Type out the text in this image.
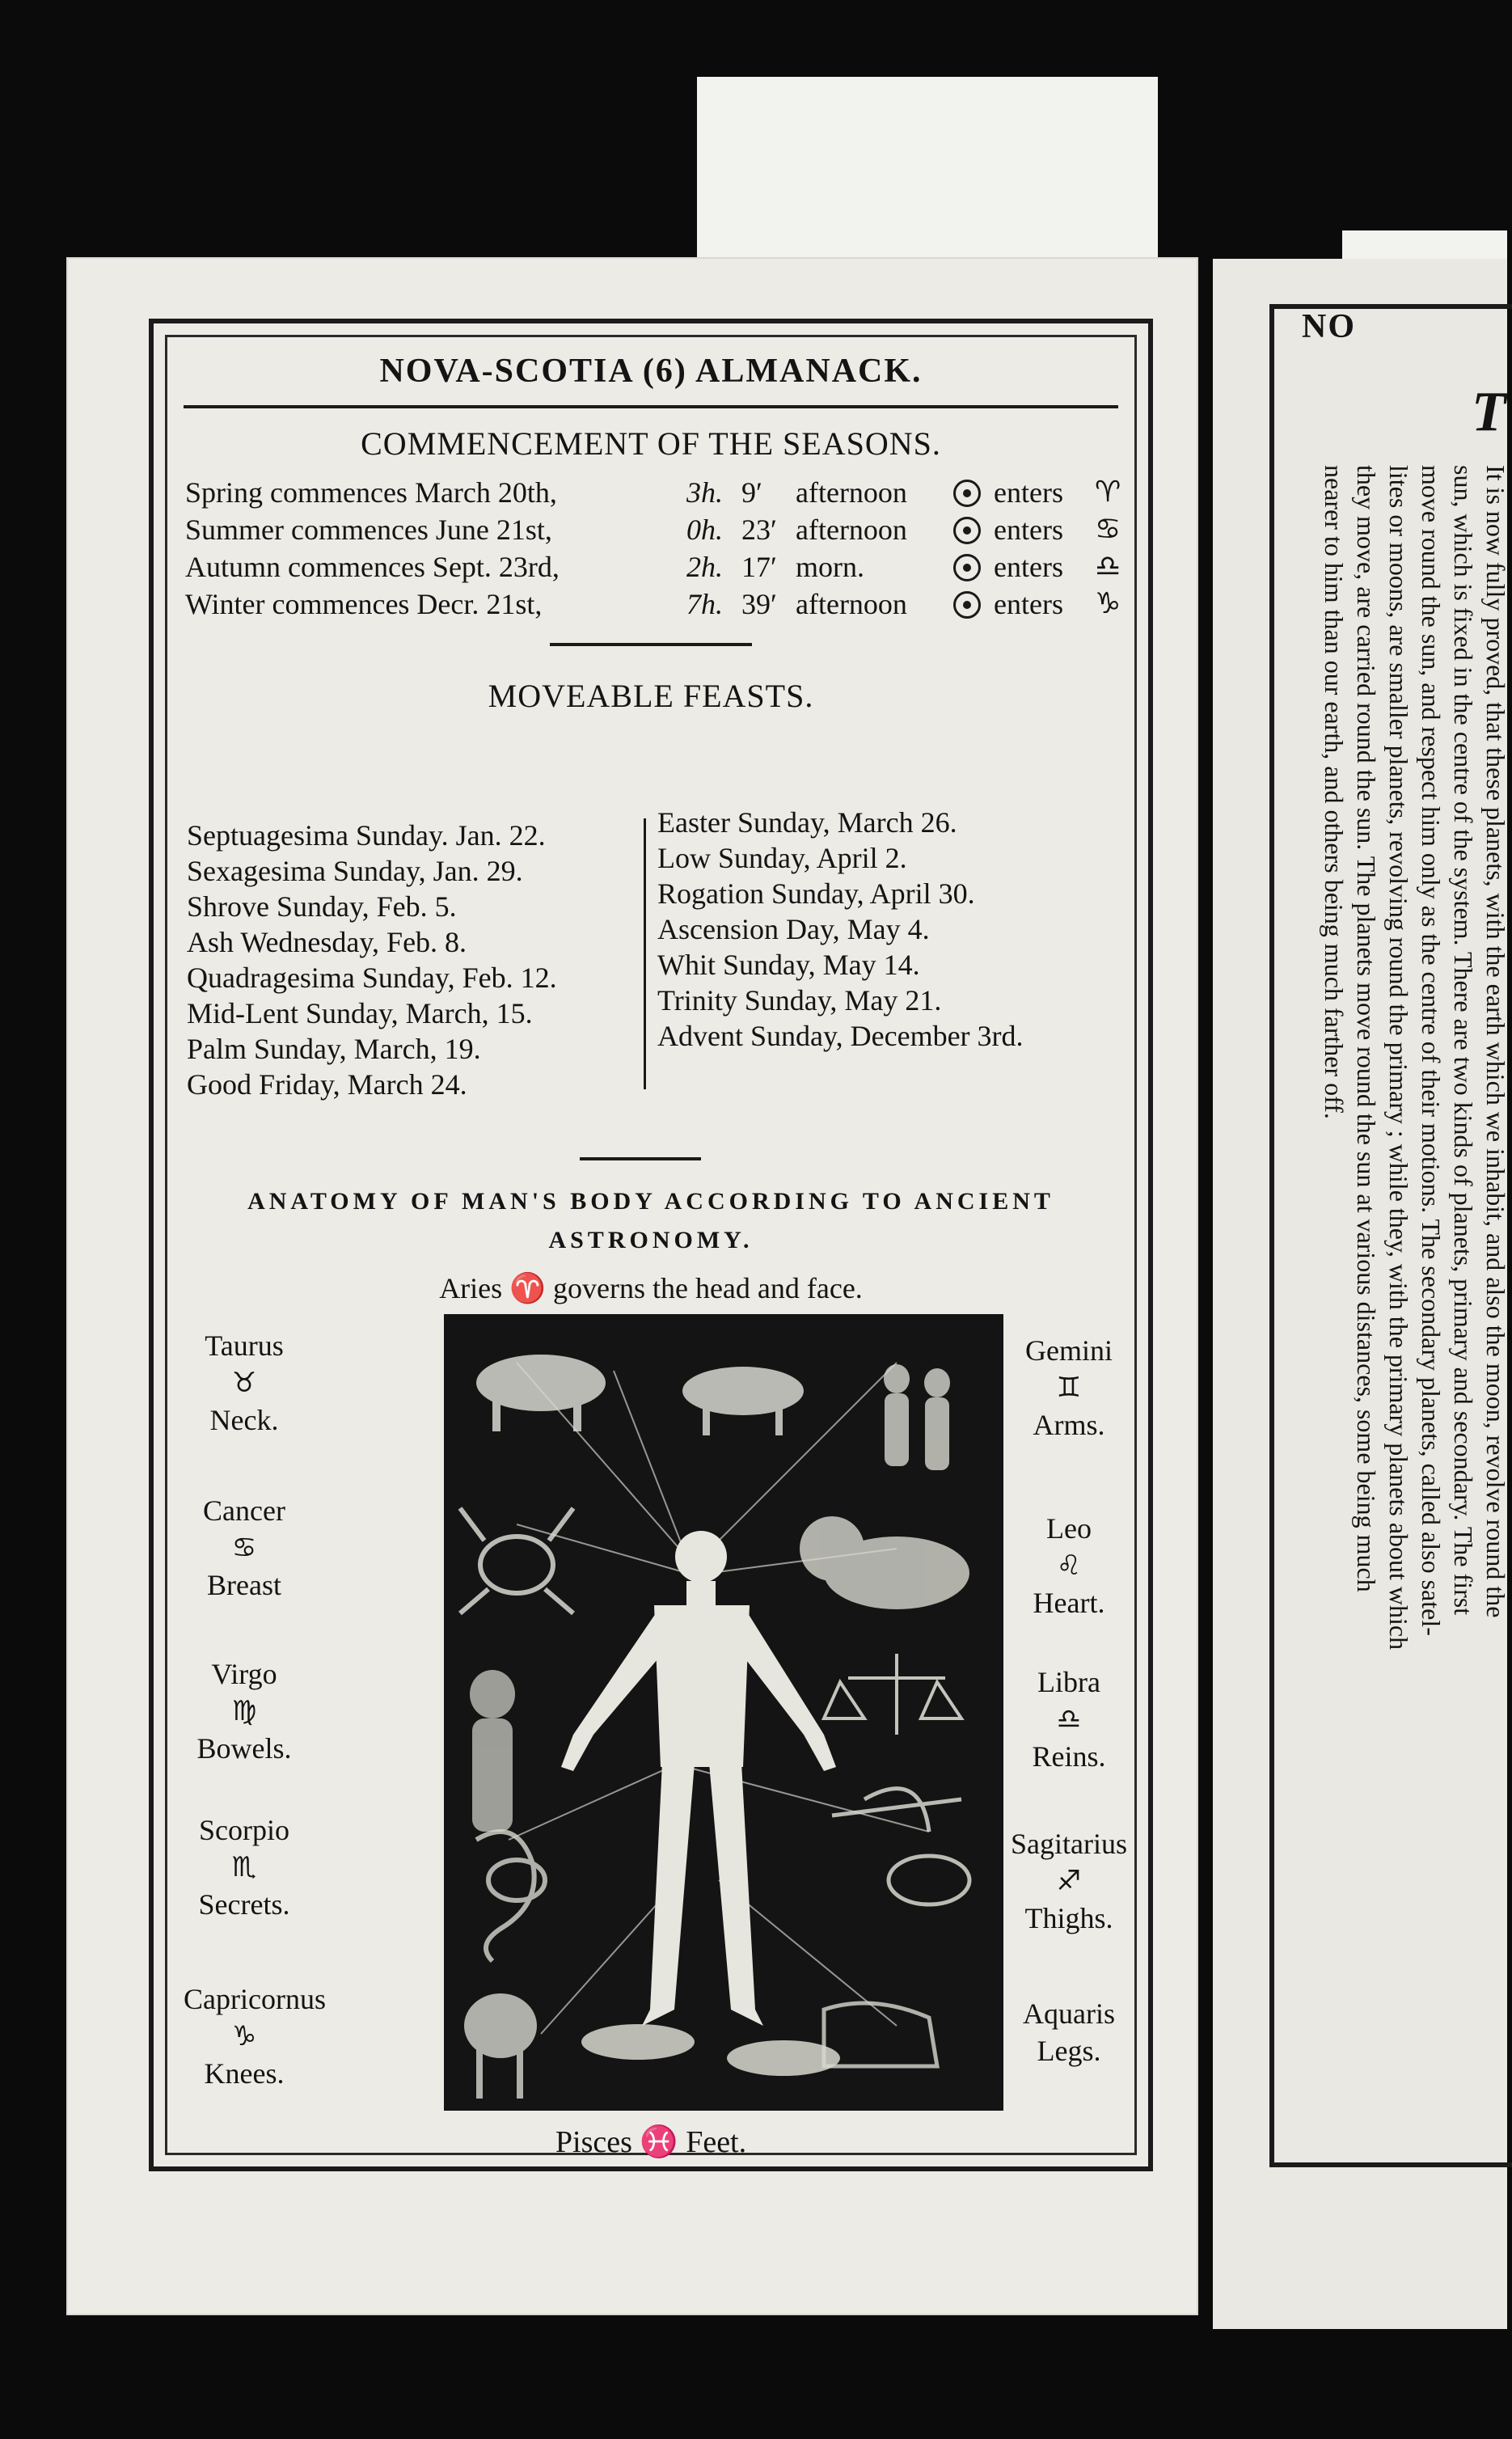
NOVA-SCOTIA (6) ALMANACK.
COMMENCEMENT OF THE SEASONS.
Spring commences March 20th,	3h. 9′ afternoon	enters ♈
Summer commences June 21st,	0h. 23′ afternoon	enters ♋
Autumn commences Sept. 23rd,	2h. 17′ morn.	enters ♎
Winter commences Decr. 21st,	7h. 39′ afternoon	enters ♑
MOVEABLE FEASTS.
Septuagesima Sunday. Jan. 22.
Sexagesima Sunday, Jan. 29.
Shrove Sunday, Feb. 5.
Ash Wednesday, Feb. 8.
Quadragesima Sunday, Feb. 12.
Mid-Lent Sunday, March, 15.
Palm Sunday, March, 19.
Good Friday, March 24.
Easter Sunday, March 26.
Low Sunday, April 2.
Rogation Sunday, April 30.
Ascension Day, May 4.
Whit Sunday, May 14.
Trinity Sunday, May 21.
Advent Sunday, December 3rd.
ANATOMY OF MAN'S BODY ACCORDING TO ANCIENT
ASTRONOMY.
Aries ♈ governs the head and face.
Taurus
♉
Neck.
Cancer
♋
Breast
Virgo
♍
Bowels.
Scorpio
♏
Secrets.
Capricornus
♑
Knees.
Gemini
♊
Arms.
Leo
♌
Heart.
Libra
♎
Reins.
Sagitarius
♐
Thighs.
Aquaris
Legs.
Pisces ♓ Feet.
NO
T

It is now fully proved, that these planets, with the earth which we inhabit, and also the moon, revolve round the

sun, which is fixed in the centre of the system. There are two kinds of planets, primary and secondary. The first

move round the sun, and respect him only as the centre of their motions. The secondary planets, called also satel-

lites or moons, are smaller planets, revolving round the primary ; while they, with the primary planets about which

they move, are carried round the sun. The planets move round the sun at various distances, some being much

nearer to him than our earth, and others being much farther off.
